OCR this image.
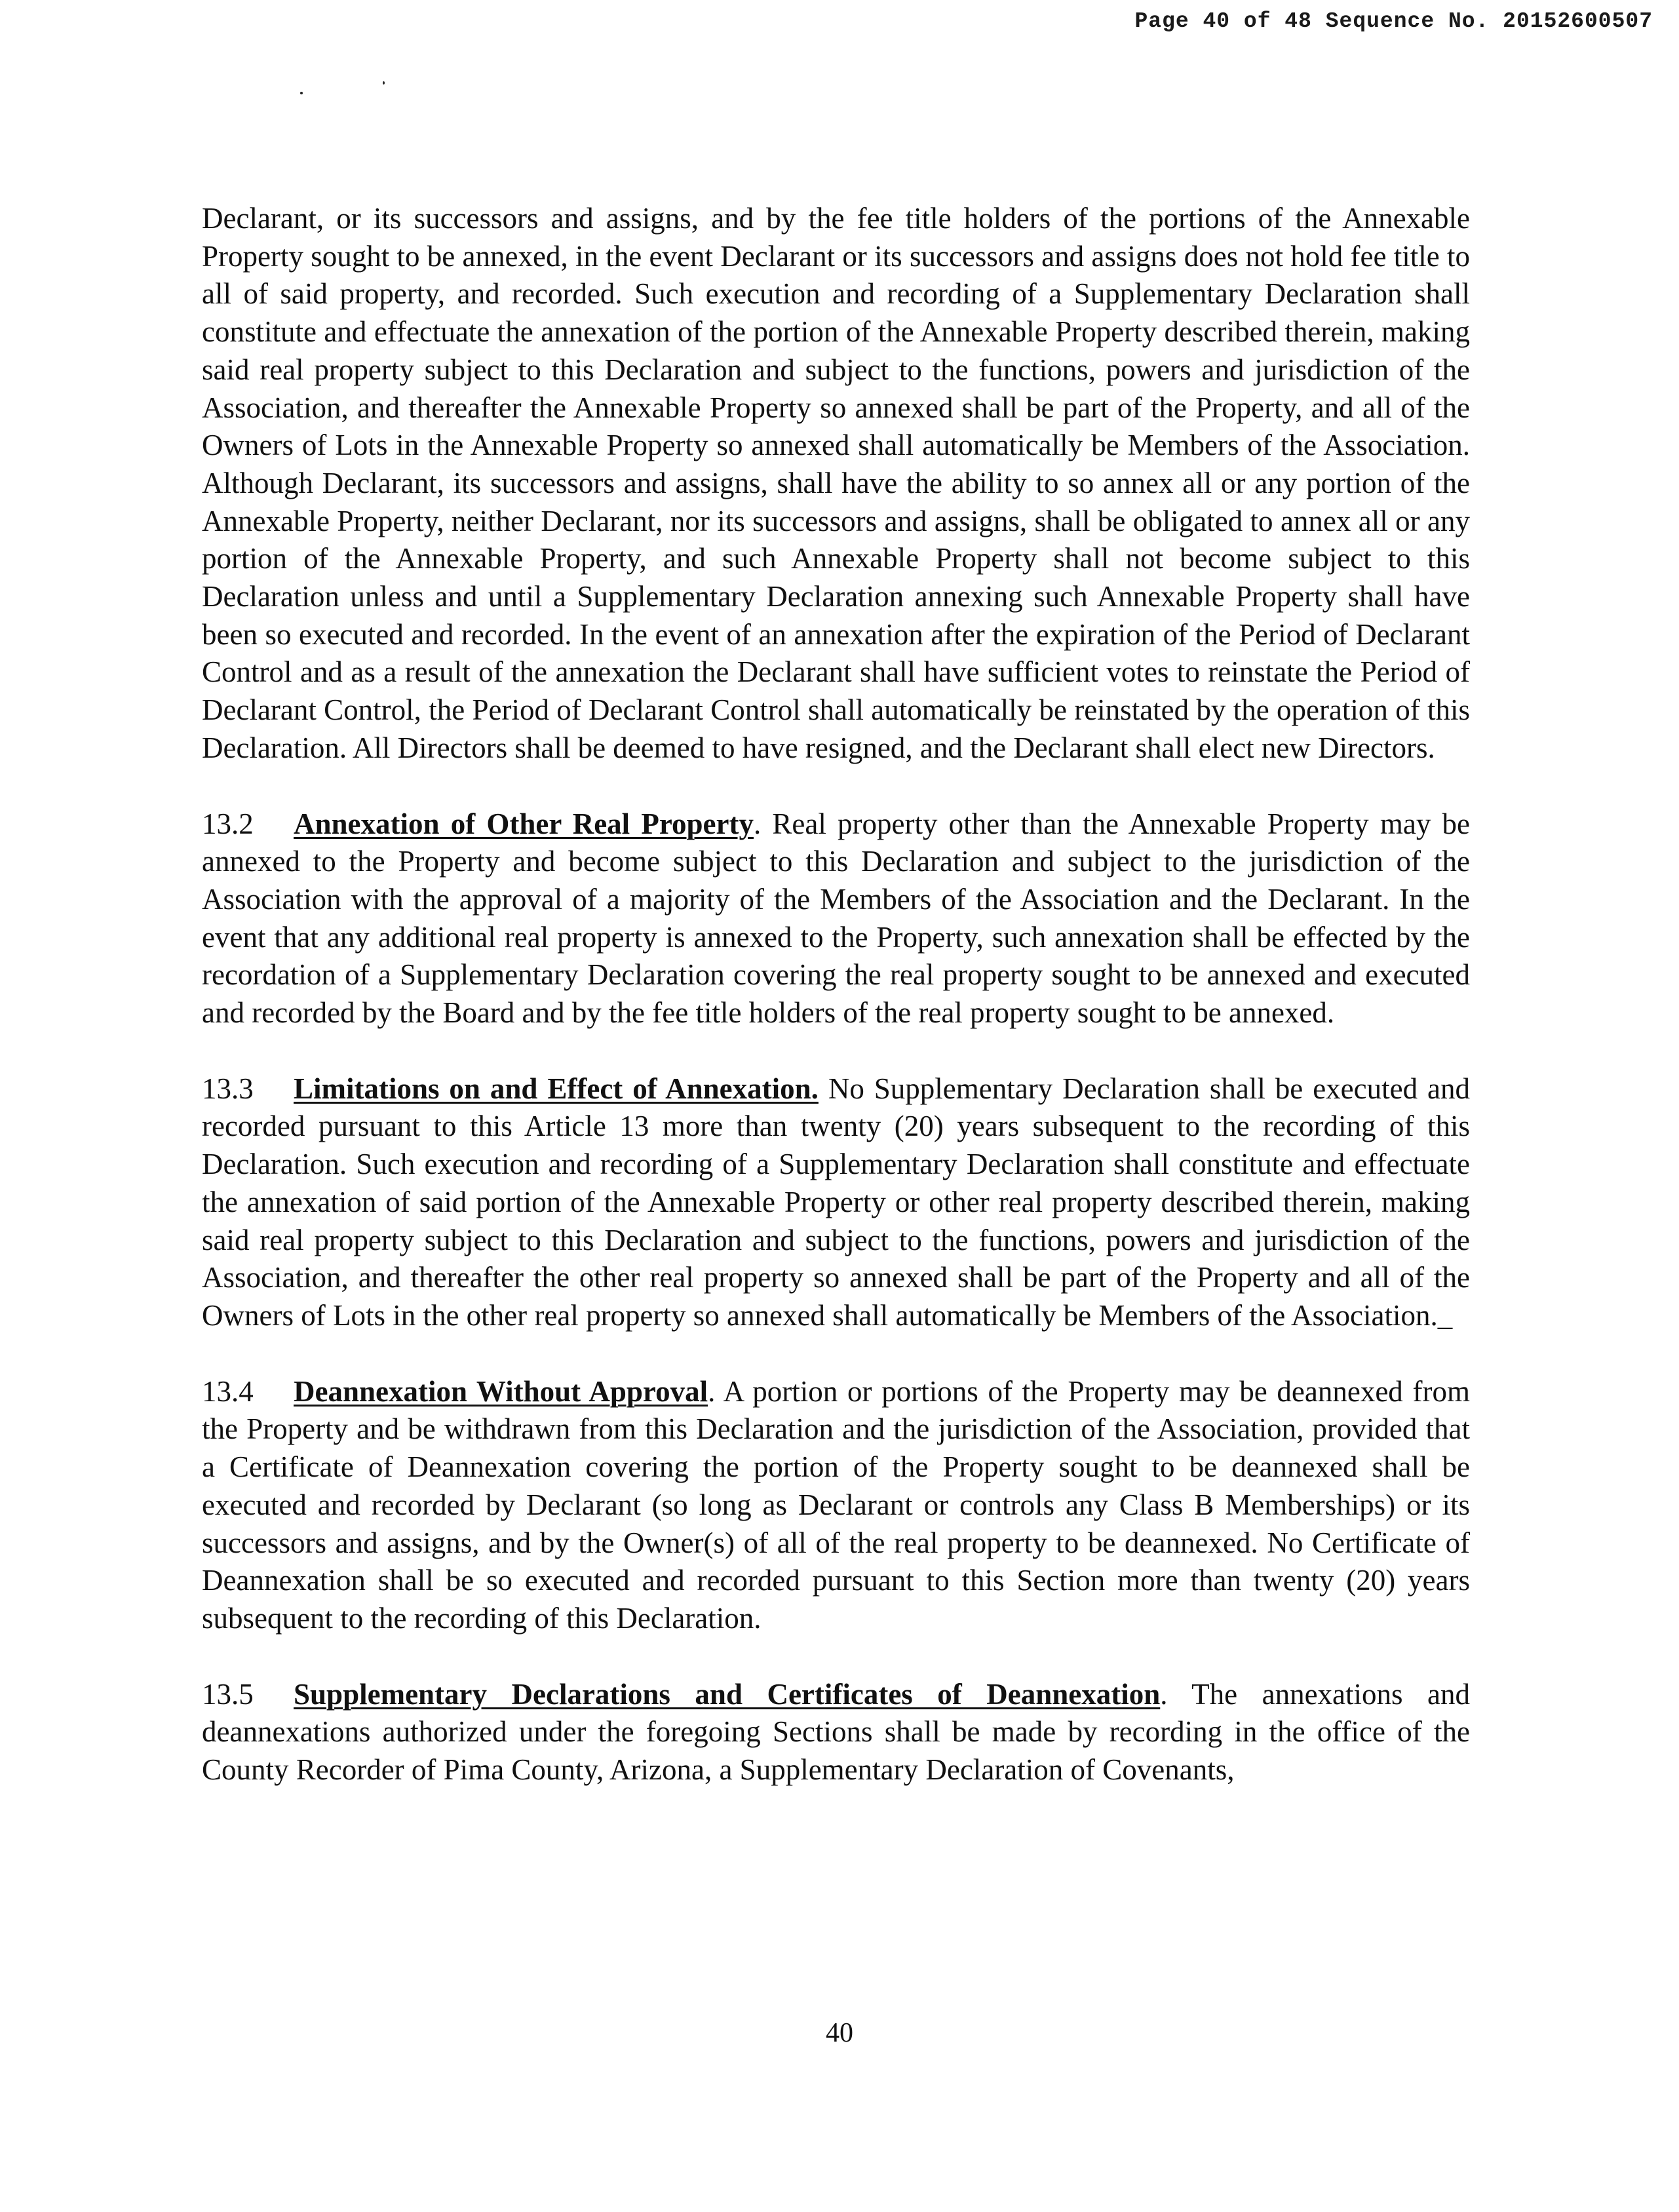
Page 40 of 48 Sequence No. 20152600507

Declarant, or its successors and assigns, and by the fee title holders of the portions of the Annexable Property sought to be annexed, in the event Declarant or its successors and assigns does not hold fee title to all of said property, and recorded. Such execution and recording of a Supplementary Declaration shall constitute and effectuate the annexation of the portion of the Annexable Property described therein, making said real property subject to this Declaration and subject to the functions, powers and jurisdiction of the Association, and thereafter the Annexable Property so annexed shall be part of the Property, and all of the Owners of Lots in the Annexable Property so annexed shall automatically be Members of the Association. Although Declarant, its successors and assigns, shall have the ability to so annex all or any portion of the Annexable Property, neither Declarant, nor its successors and assigns, shall be obligated to annex all or any portion of the Annexable Property, and such Annexable Property shall not become subject to this Declaration unless and until a Supplementary Declaration annexing such Annexable Property shall have been so executed and recorded. In the event of an annexation after the expiration of the Period of Declarant Control and as a result of the annexation the Declarant shall have sufficient votes to reinstate the Period of Declarant Control, the Period of Declarant Control shall automatically be reinstated by the operation of this Declaration. All Directors shall be deemed to have resigned, and the Declarant shall elect new Directors.

13.2 Annexation of Other Real Property. Real property other than the Annexable Property may be annexed to the Property and become subject to this Declaration and subject to the jurisdiction of the Association with the approval of a majority of the Members of the Association and the Declarant. In the event that any additional real property is annexed to the Property, such annexation shall be effected by the recordation of a Supplementary Declaration covering the real property sought to be annexed and executed and recorded by the Board and by the fee title holders of the real property sought to be annexed.

13.3 Limitations on and Effect of Annexation. No Supplementary Declaration shall be executed and recorded pursuant to this Article 13 more than twenty (20) years subsequent to the recording of this Declaration. Such execution and recording of a Supplementary Declaration shall constitute and effectuate the annexation of said portion of the Annexable Property or other real property described therein, making said real property subject to this Declaration and subject to the functions, powers and jurisdiction of the Association, and thereafter the other real property so annexed shall be part of the Property and all of the Owners of Lots in the other real property so annexed shall automatically be Members of the Association._

13.4 Deannexation Without Approval. A portion or portions of the Property may be deannexed from the Property and be withdrawn from this Declaration and the jurisdiction of the Association, provided that a Certificate of Deannexation covering the portion of the Property sought to be deannexed shall be executed and recorded by Declarant (so long as Declarant or controls any Class B Memberships) or its successors and assigns, and by the Owner(s) of all of the real property to be deannexed. No Certificate of Deannexation shall be so executed and recorded pursuant to this Section more than twenty (20) years subsequent to the recording of this Declaration.

13.5 Supplementary Declarations and Certificates of Deannexation. The annexations and deannexations authorized under the foregoing Sections shall be made by recording in the office of the County Recorder of Pima County, Arizona, a Supplementary Declaration of Covenants,

40
